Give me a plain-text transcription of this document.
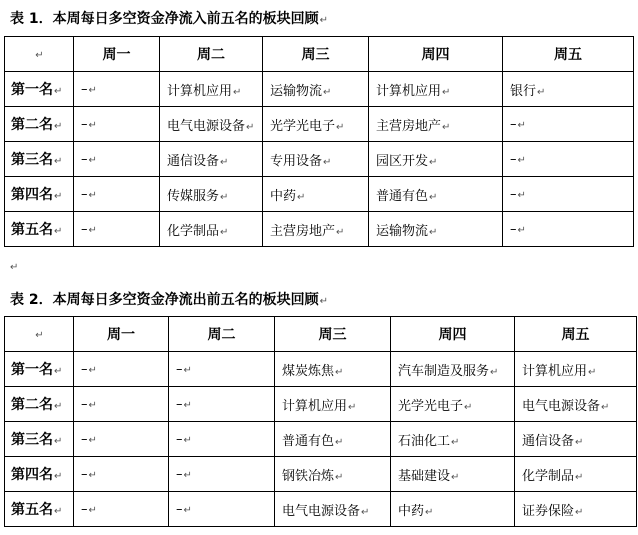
表 1．本周每日多空资金净流入前五名的板块回顾↵
↵	周一	周二	周三	周四	周五
第一名↵	–↵	计算机应用↵	运输物流↵	计算机应用↵	银行↵
第二名↵	–↵	电气电源设备↵	光学光电子↵	主营房地产↵	–↵
第三名↵	–↵	通信设备↵	专用设备↵	园区开发↵	–↵
第四名↵	–↵	传媒服务↵	中药↵	普通有色↵	–↵
第五名↵	–↵	化学制品↵	主营房地产↵	运输物流↵	–↵
↵
表 2．本周每日多空资金净流出前五名的板块回顾↵
↵	周一	周二	周三	周四	周五
第一名↵	–↵	–↵	煤炭炼焦↵	汽车制造及服务↵	计算机应用↵
第二名↵	–↵	–↵	计算机应用↵	光学光电子↵	电气电源设备↵
第三名↵	–↵	–↵	普通有色↵	石油化工↵	通信设备↵
第四名↵	–↵	–↵	钢铁冶炼↵	基础建设↵	化学制品↵
第五名↵	–↵	–↵	电气电源设备↵	中药↵	证券保险↵
